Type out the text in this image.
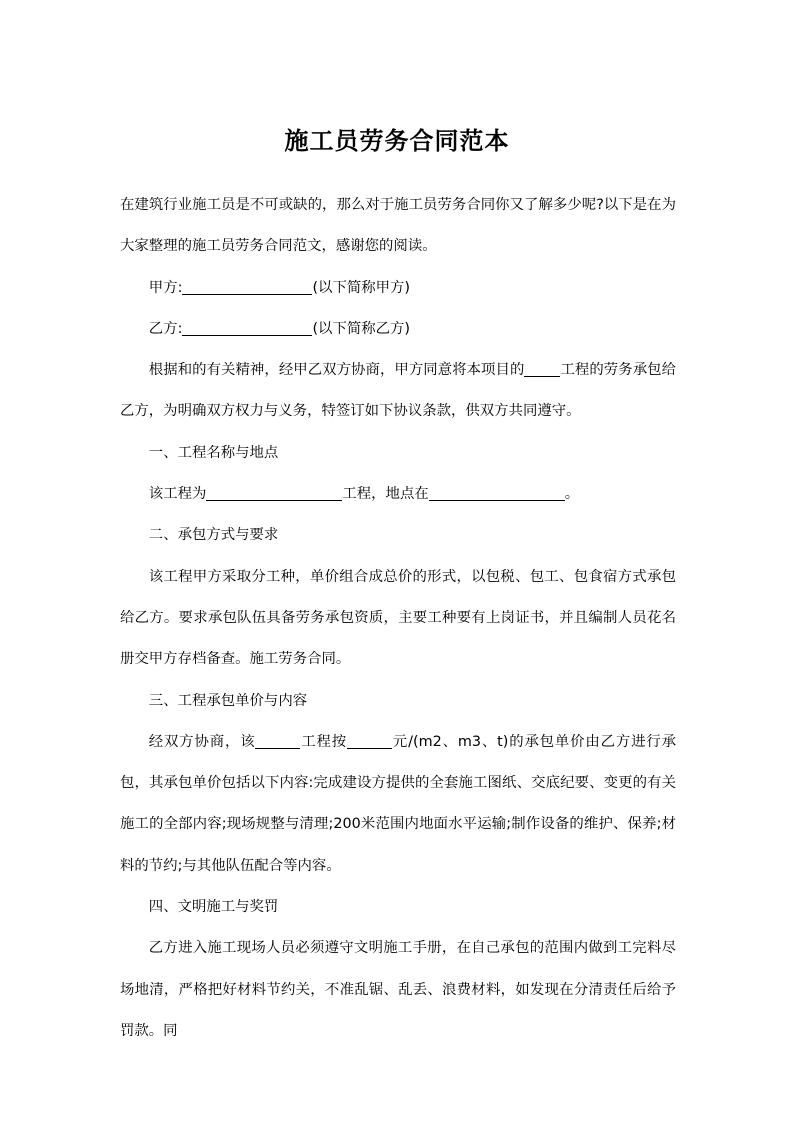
施工员劳务合同范本

在建筑行业施工员是不可或缺的，那么对于施工员劳务合同你又了解多少呢?以下是在为大家整理的施工员劳务合同范文，感谢您的阅读。

甲方:	(以下简称甲方)

乙方:	(以下简称乙方)

根据和的有关精神，经甲乙双方协商，甲方同意将本项目的	工程的劳务承包给乙方，为明确双方权力与义务，特签订如下协议条款，供双方共同遵守。

一、工程名称与地点

该工程为	工程，地点在	。

二、承包方式与要求

该工程甲方采取分工种，单价组合成总价的形式，以包税、包工、包食宿方式承包给乙方。要求承包队伍具备劳务承包资质，主要工种要有上岗证书，并且编制人员花名册交甲方存档备查。施工劳务合同。

三、工程承包单价与内容

经双方协商，该	工程按	元/(m2、m3、t)的承包单价由乙方进行承包，其承包单价包括以下内容:完成建设方提供的全套施工图纸、交底纪要、变更的有关施工的全部内容;现场规整与清理;200米范围内地面水平运输;制作设备的维护、保养;材料的节约;与其他队伍配合等内容。

四、文明施工与奖罚

乙方进入施工现场人员必须遵守文明施工手册，在自己承包的范围内做到工完料尽场地清，严格把好材料节约关，不准乱锯、乱丢、浪费材料，如发现在分清责任后给予罚款。同
